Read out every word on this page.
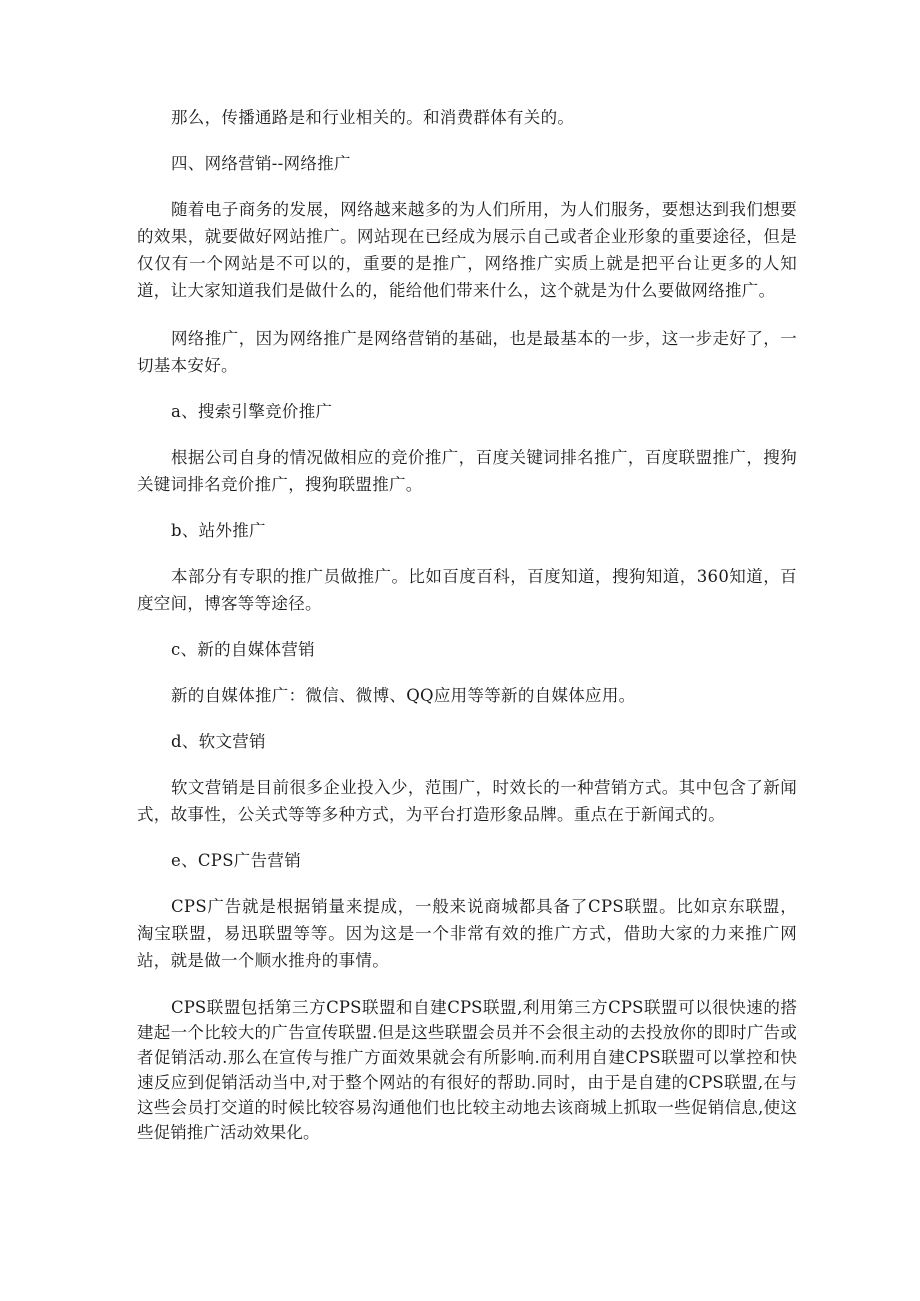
那么，传播通路是和行业相关的。和消费群体有关的。

四、网络营销--网络推广

随着电子商务的发展，网络越来越多的为人们所用，为人们服务，要想达到我们想要的效果，就要做好网站推广。网站现在已经成为展示自己或者企业形象的重要途径，但是仅仅有一个网站是不可以的，重要的是推广，网络推广实质上就是把平台让更多的人知道，让大家知道我们是做什么的，能给他们带来什么，这个就是为什么要做网络推广。

网络推广，因为网络推广是网络营销的基础，也是最基本的一步，这一步走好了，一切基本安好。

a、搜索引擎竞价推广

根据公司自身的情况做相应的竞价推广，百度关键词排名推广，百度联盟推广，搜狗关键词排名竞价推广，搜狗联盟推广。

b、站外推广

本部分有专职的推广员做推广。比如百度百科，百度知道，搜狗知道，360知道，百度空间，博客等等途径。

c、新的自媒体营销

新的自媒体推广：微信、微博、QQ应用等等新的自媒体应用。

d、软文营销

软文营销是目前很多企业投入少，范围广，时效长的一种营销方式。其中包含了新闻式，故事性，公关式等等多种方式，为平台打造形象品牌。重点在于新闻式的。

e、CPS广告营销

CPS广告就是根据销量来提成，一般来说商城都具备了CPS联盟。比如京东联盟，淘宝联盟，易迅联盟等等。因为这是一个非常有效的推广方式，借助大家的力来推广网站，就是做一个顺水推舟的事情。

CPS联盟包括第三方CPS联盟和自建CPS联盟,利用第三方CPS联盟可以很快速的搭建起一个比较大的广告宣传联盟.但是这些联盟会员并不会很主动的去投放你的即时广告或者促销活动.那么在宣传与推广方面效果就会有所影响.而利用自建CPS联盟可以掌控和快速反应到促销活动当中,对于整个网站的有很好的帮助.同时，由于是自建的CPS联盟,在与这些会员打交道的时候比较容易沟通他们也比较主动地去该商城上抓取一些促销信息,使这些促销推广活动效果化。
